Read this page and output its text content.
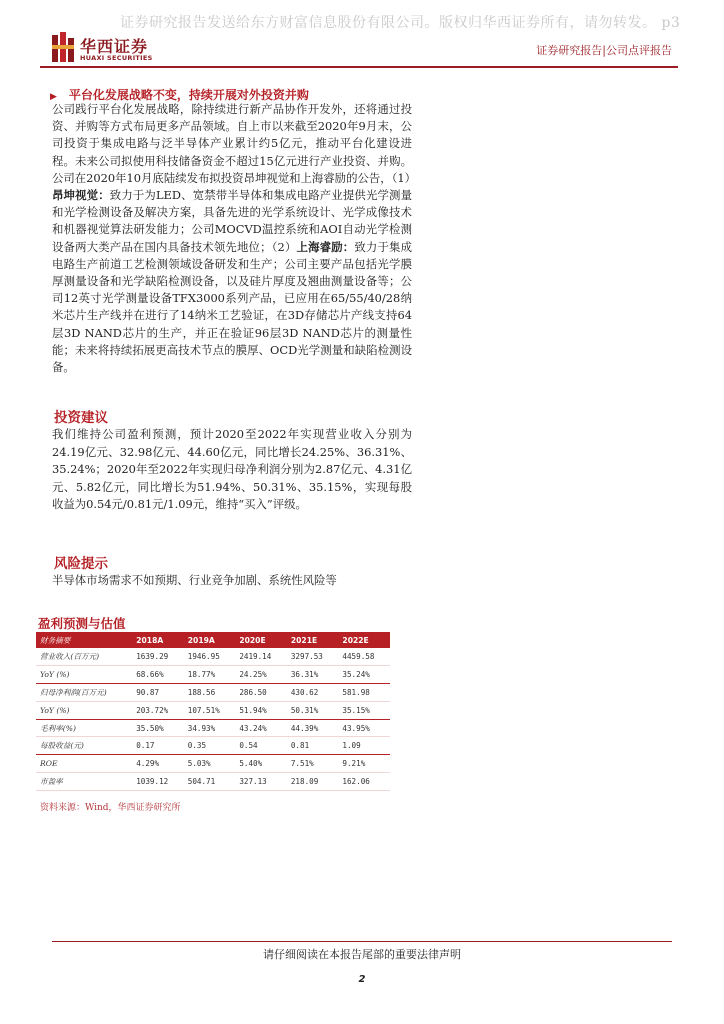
证券研究报告发送给东方财富信息股份有限公司。版权归华西证券所有，请勿转发。 p3
华西证券
HUAXI SECURITIES
证券研究报告|公司点评报告
▶ 平台化发展战略不变，持续开展对外投资并购

公司践行平台化发展战略，除持续进行新产品协作开发外，还将通过投资、并购等方式布局更多产品领域。自上市以来截至2020年9月末，公司投资于集成电路与泛半导体产业累计约5亿元，推动平台化建设进程。未来公司拟使用科技储备资金不超过15亿元进行产业投资、并购。公司在2020年10月底陆续发布拟投资昂坤视觉和上海睿励的公告，（1）昂坤视觉：致力于为LED、宽禁带半导体和集成电路产业提供光学测量和光学检测设备及解决方案，具备先进的光学系统设计、光学成像技术和机器视觉算法研发能力；公司MOCVD温控系统和AOI自动光学检测设备两大类产品在国内具备技术领先地位；（2）上海睿励：致力于集成电路生产前道工艺检测领域设备研发和生产；公司主要产品包括光学膜厚测量设备和光学缺陷检测设备，以及硅片厚度及翘曲测量设备等；公司12英寸光学测量设备TFX3000系列产品，已应用在65/55/40/28纳米芯片生产线并在进行了14纳米工艺验证，在3D存储芯片产线支持64层3D NAND芯片的生产，并正在验证96层3D NAND芯片的测量性能；未来将持续拓展更高技术节点的膜厚、OCD光学测量和缺陷检测设备。

投资建议

我们维持公司盈利预测，预计2020至2022年实现营业收入分别为24.19亿元、32.98亿元、44.60亿元，同比增长24.25%、36.31%、35.24%；2020年至2022年实现归母净利润分别为2.87亿元、4.31亿元、5.82亿元，同比增长为51.94%、50.31%、35.15%，实现每股收益为0.54元/0.81元/1.09元，维持“买入”评级。

风险提示

半导体市场需求不如预期、行业竞争加剧、系统性风险等

盈利预测与估值
财务摘要	2018A	2019A	2020E	2021E	2022E
营业收入(百万元)	1639.29	1946.95	2419.14	3297.53	4459.58
YoY (%)	68.66%	18.77%	24.25%	36.31%	35.24%
归母净利润(百万元)	90.87	188.56	286.50	430.62	581.98
YoY (%)	203.72%	107.51%	51.94%	50.31%	35.15%
毛利率(%)	35.50%	34.93%	43.24%	44.39%	43.95%
每股收益(元)	0.17	0.35	0.54	0.81	1.09
ROE	4.29%	5.03%	5.40%	7.51%	9.21%
市盈率	1039.12	504.71	327.13	218.09	162.06
资料来源：Wind，华西证券研究所
请仔细阅读在本报告尾部的重要法律声明
2
